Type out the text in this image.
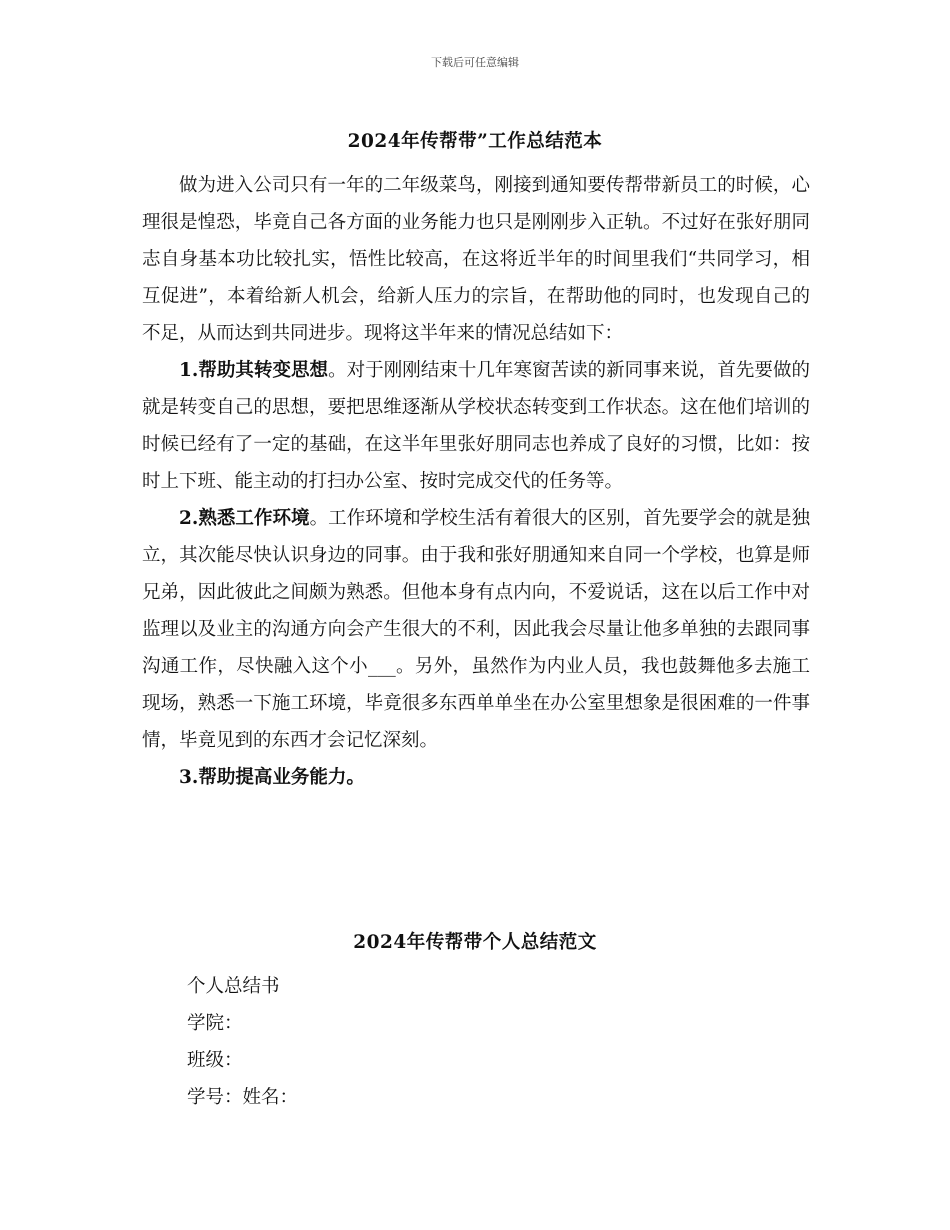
下载后可任意编辑
2024年传帮带”工作总结范本

做为进入公司只有一年的二年级菜鸟，刚接到通知要传帮带新员工的时候，心理很是惶恐，毕竟自己各方面的业务能力也只是刚刚步入正轨。不过好在张好朋同志自身基本功比较扎实，悟性比较高，在这将近半年的时间里我们“共同学习，相互促进”，本着给新人机会，给新人压力的宗旨，在帮助他的同时，也发现自己的不足，从而达到共同进步。现将这半年来的情况总结如下：

1.帮助其转变思想。对于刚刚结束十几年寒窗苦读的新同事来说，首先要做的就是转变自己的思想，要把思维逐渐从学校状态转变到工作状态。这在他们培训的时候已经有了一定的基础，在这半年里张好朋同志也养成了良好的习惯，比如：按时上下班、能主动的打扫办公室、按时完成交代的任务等。

2.熟悉工作环境。工作环境和学校生活有着很大的区别，首先要学会的就是独立，其次能尽快认识身边的同事。由于我和张好朋通知来自同一个学校，也算是师兄弟，因此彼此之间颇为熟悉。但他本身有点内向，不爱说话，这在以后工作中对监理以及业主的沟通方向会产生很大的不利，因此我会尽量让他多单独的去跟同事沟通工作，尽快融入这个小___。另外，虽然作为内业人员，我也鼓舞他多去施工现场，熟悉一下施工环境，毕竟很多东西单单坐在办公室里想象是很困难的一件事情，毕竟见到的东西才会记忆深刻。

3.帮助提高业务能力。

2024年传帮带个人总结范文
个人总结书
学院：
班级：
学号：姓名：
